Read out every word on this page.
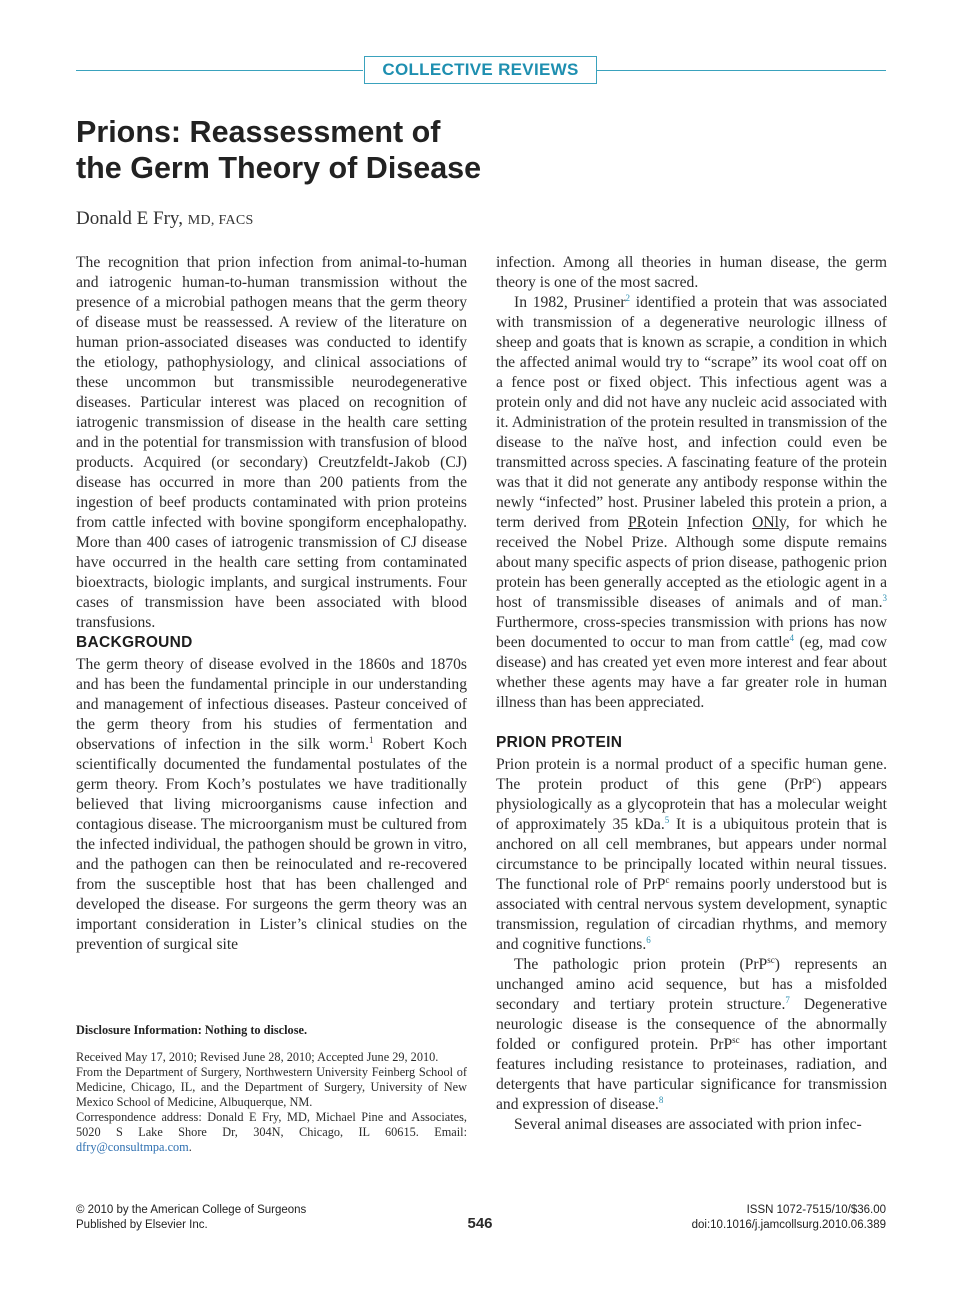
COLLECTIVE REVIEWS
Prions: Reassessment of
the Germ Theory of Disease
Donald E Fry, MD, FACS

The recognition that prion infection from animal-to-human and iatrogenic human-to-human transmission without the presence of a microbial pathogen means that the germ theory of disease must be reassessed. A review of the literature on human prion-associated diseases was conducted to identify the etiology, pathophysiology, and clinical associations of these uncommon but transmissible neurodegenerative diseases. Particular interest was placed on recognition of iatrogenic transmission of disease in the health care setting and in the potential for transmission with transfusion of blood products. Acquired (or secondary) Creutzfeldt-Jakob (CJ) disease has occurred in more than 200 patients from the ingestion of beef products contaminated with prion proteins from cattle infected with bovine spongiform encephalopathy. More than 400 cases of iatrogenic transmission of CJ disease have occurred in the health care setting from contaminated bioextracts, biologic implants, and surgical instruments. Four cases of transmission have been associated with blood transfusions.

BACKGROUND

The germ theory of disease evolved in the 1860s and 1870s and has been the fundamental principle in our understanding and management of infectious diseases. Pasteur conceived of the germ theory from his studies of fermentation and observations of infection in the silk worm.$^1$ Robert Koch scientifically documented the fundamental postulates of the germ theory. From Koch’s postulates we have traditionally believed that living microorganisms cause infection and contagious disease. The microorganism must be cultured from the infected individual, the pathogen should be grown in vitro, and the pathogen can then be reinoculated and re-recovered from the susceptible host that has been challenged and developed the disease. For surgeons the germ theory was an important consideration in Lister’s clinical studies on the prevention of surgical site

Disclosure Information: Nothing to disclose.

Received May 17, 2010; Revised June 28, 2010; Accepted June 29, 2010.

From the Department of Surgery, Northwestern University Feinberg School of Medicine, Chicago, IL, and the Department of Surgery, University of New Mexico School of Medicine, Albuquerque, NM.

Correspondence address: Donald E Fry, MD, Michael Pine and Associates, 5020 S Lake Shore Dr, 304N, Chicago, IL 60615. Email: dfry@consultmpa.com.

infection. Among all theories in human disease, the germ theory is one of the most sacred.

In 1982, Prusiner$^2$ identified a protein that was associated with transmission of a degenerative neurologic illness of sheep and goats that is known as scrapie, a condition in which the affected animal would try to “scrape” its wool coat off on a fence post or fixed object. This infectious agent was a protein only and did not have any nucleic acid associated with it. Administration of the protein resulted in transmission of the disease to the naïve host, and infection could even be transmitted across species. A fascinating feature of the protein was that it did not generate any antibody response within the newly “infected” host. Prusiner labeled this protein a prion, a term derived from PRotein Infection ONly, for which he received the Nobel Prize. Although some dispute remains about many specific aspects of prion disease, pathogenic prion protein has been generally accepted as the etiologic agent in a host of transmissible diseases of animals and of man.$^3$ Furthermore, cross-species transmission with prions has now been documented to occur to man from cattle$^4$ (eg, mad cow disease) and has created yet even more interest and fear about whether these agents may have a far greater role in human illness than has been appreciated.

PRION PROTEIN

Prion protein is a normal product of a specific human gene. The protein product of this gene (PrP$^c$) appears physiologically as a glycoprotein that has a molecular weight of approximately 35 kDa.$^5$ It is a ubiquitous protein that is anchored on all cell membranes, but appears under normal circumstance to be principally located within neural tissues. The functional role of PrP$^c$ remains poorly understood but is associated with central nervous system development, synaptic transmission, regulation of circadian rhythms, and memory and cognitive functions.$^6$

The pathologic prion protein (PrP$^{sc}$) represents an unchanged amino acid sequence, but has a misfolded secondary and tertiary protein structure.$^7$ Degenerative neurologic disease is the consequence of the abnormally folded or configured protein. PrP$^{sc}$ has other important features including resistance to proteinases, radiation, and detergents that have particular significance for transmission and expression of disease.$^8$

Several animal diseases are associated with prion infec-

© 2010 by the American College of Surgeons
Published by Elsevier Inc.	546
ISSN 1072-7515/10/$36.00
doi:10.1016/j.jamcollsurg.2010.06.389
